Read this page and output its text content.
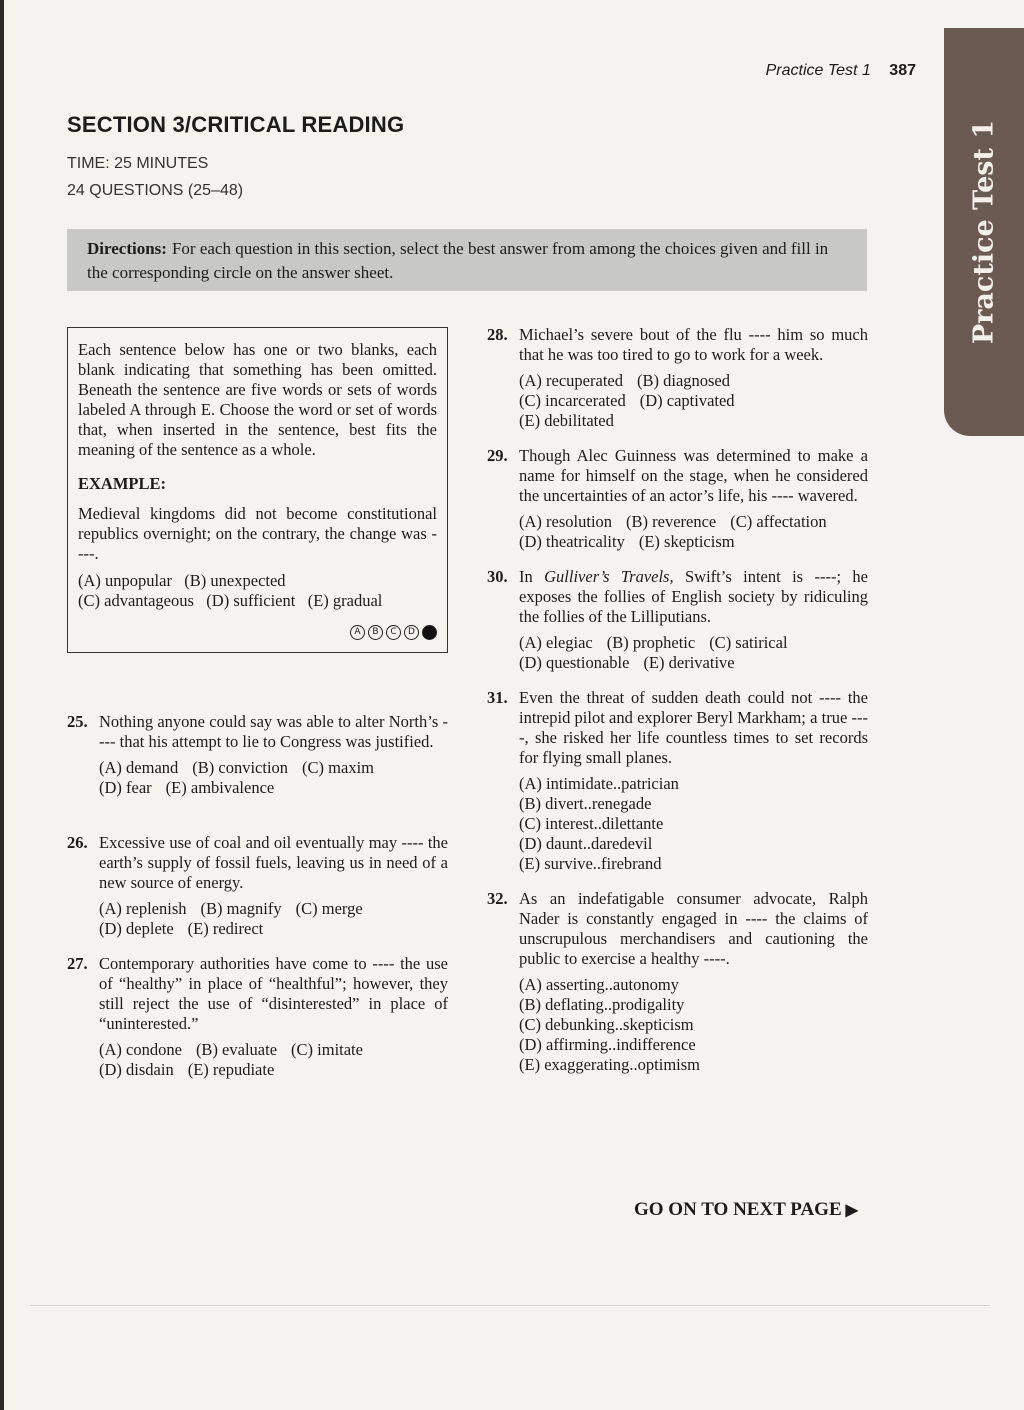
Practice Test 1 387
Practice Test 1
SECTION 3/CRITICAL READING
TIME: 25 MINUTES
24 QUESTIONS (25–48)
Directions: For each question in this section, select the best answer from among the choices given and fill in the corresponding circle on the answer sheet.

Each sentence below has one or two blanks, each blank indicating that something has been omitted. Beneath the sentence are five words or sets of words labeled A through E. Choose the word or set of words that, when inserted in the sentence, best fits the meaning of the sentence as a whole.

EXAMPLE:

Medieval kingdoms did not become constitutional republics overnight; on the contrary, the change was ----.

(A) unpopular   (B) unexpected
(C) advantageous   (D) sufficient   (E) gradual
A	B	C	D
25. Nothing anyone could say was able to alter North’s ---- that his attempt to lie to Congress was justified.
(A) demand (B) conviction (C) maxim
(D) fear (E) ambivalence
26. Excessive use of coal and oil eventually may ---- the earth’s supply of fossil fuels, leaving us in need of a new source of energy.
(A) replenish (B) magnify (C) merge
(D) deplete (E) redirect
27. Contemporary authorities have come to ---- the use of “healthy” in place of “healthful”; however, they still reject the use of “disinterested” in place of “uninterested.”
(A) condone (B) evaluate (C) imitate
(D) disdain (E) repudiate
28. Michael’s severe bout of the flu ---- him so much that he was too tired to go to work for a week.
(A) recuperated (B) diagnosed
(C) incarcerated (D) captivated
(E) debilitated
29. Though Alec Guinness was determined to make a name for himself on the stage, when he considered the uncertainties of an actor’s life, his ---- wavered.
(A) resolution (B) reverence (C) affectation
(D) theatricality (E) skepticism
30. In Gulliver’s Travels, Swift’s intent is ----; he exposes the follies of English society by ridiculing the follies of the Lilliputians.
(A) elegiac (B) prophetic (C) satirical
(D) questionable (E) derivative
31. Even the threat of sudden death could not ---- the intrepid pilot and explorer Beryl Markham; a true ----, she risked her life countless times to set records for flying small planes.
(A) intimidate..patrician
(B) divert..renegade
(C) interest..dilettante
(D) daunt..daredevil
(E) survive..firebrand
32. As an indefatigable consumer advocate, Ralph Nader is constantly engaged in ---- the claims of unscrupulous merchandisers and cautioning the public to exercise a healthy ----.
(A) asserting..autonomy
(B) deflating..prodigality
(C) debunking..skepticism
(D) affirming..indifference
(E) exaggerating..optimism
GO ON TO NEXT PAGE ▶
